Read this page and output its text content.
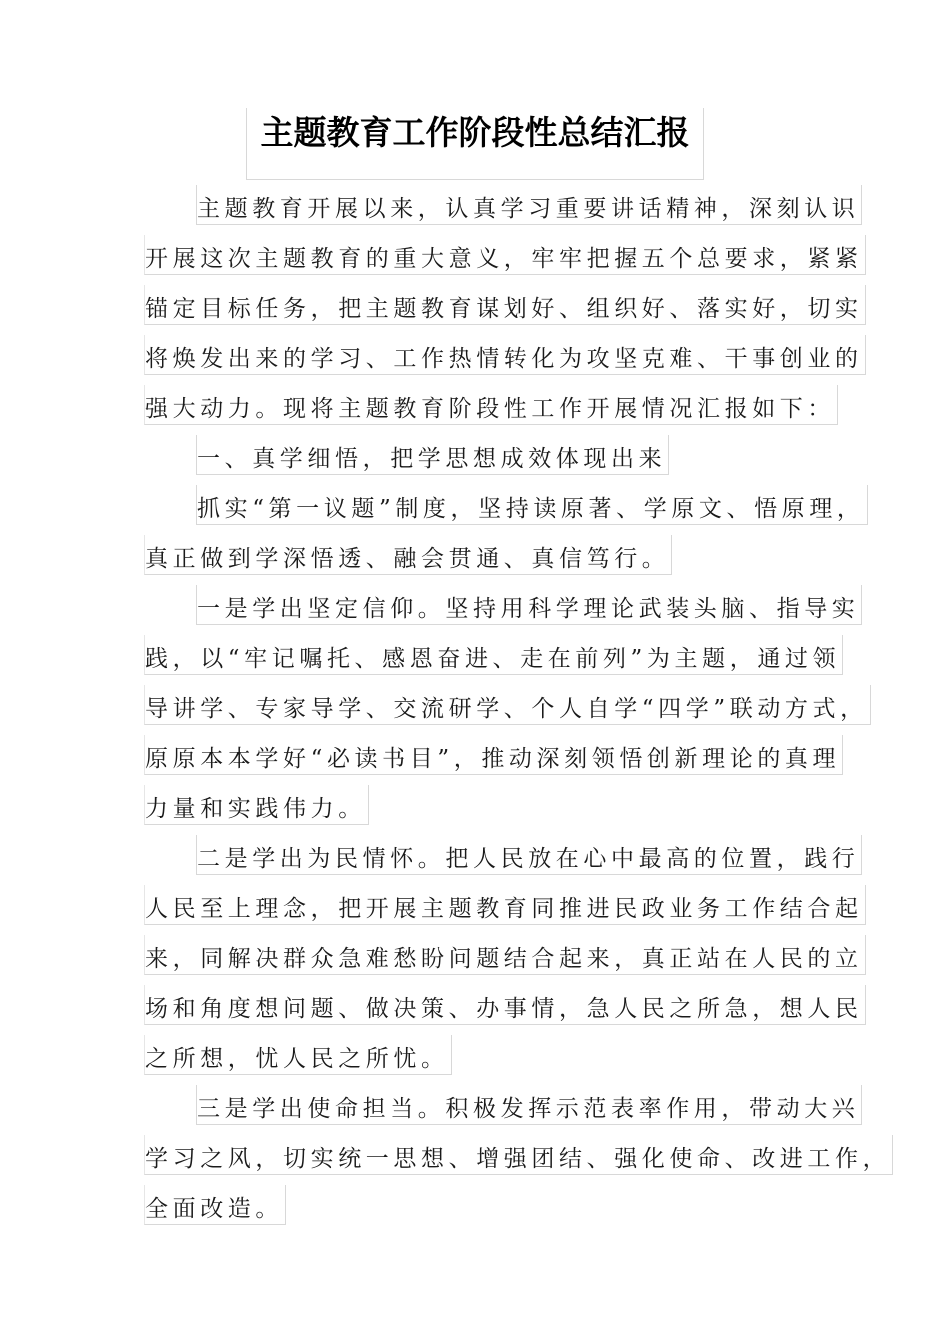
主题教育工作阶段性总结汇报
主题教育开展以来，认真学习重要讲话精神，深刻认识
开展这次主题教育的重大意义，牢牢把握五个总要求，紧紧
锚定目标任务，把主题教育谋划好、组织好、落实好，切实
将焕发出来的学习、工作热情转化为攻坚克难、干事创业的
强大动力。现将主题教育阶段性工作开展情况汇报如下：
一、真学细悟，把学思想成效体现出来
抓实“第一议题”制度，坚持读原著、学原文、悟原理，
真正做到学深悟透、融会贯通、真信笃行。
一是学出坚定信仰。坚持用科学理论武装头脑、指导实
践，以“牢记嘱托、感恩奋进、走在前列”为主题，通过领
导讲学、专家导学、交流研学、个人自学“四学”联动方式，
原原本本学好“必读书目”，推动深刻领悟创新理论的真理
力量和实践伟力。
二是学出为民情怀。把人民放在心中最高的位置，践行
人民至上理念，把开展主题教育同推进民政业务工作结合起
来，同解决群众急难愁盼问题结合起来，真正站在人民的立
场和角度想问题、做决策、办事情，急人民之所急，想人民
之所想，忧人民之所忧。
三是学出使命担当。积极发挥示范表率作用，带动大兴
学习之风，切实统一思想、增强团结、强化使命、改进工作，
全面改造。
